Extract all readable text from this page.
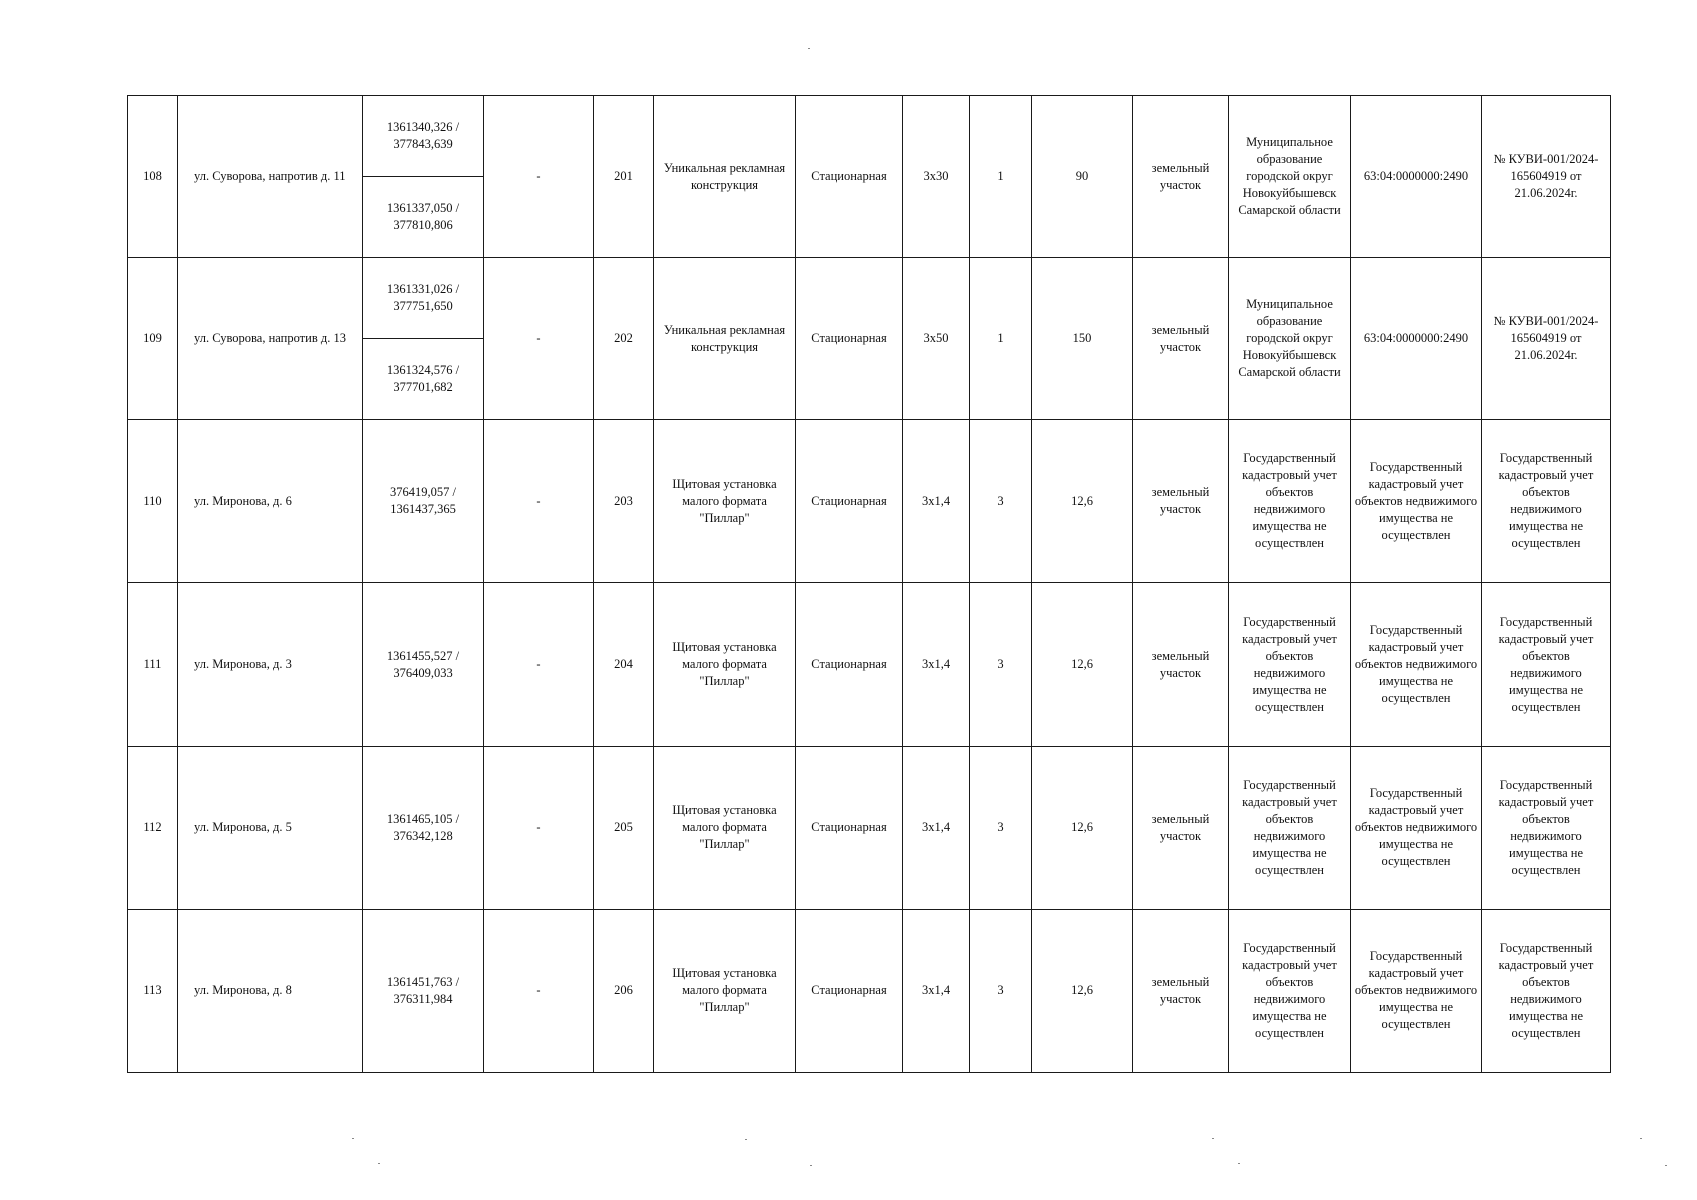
108	ул. Суворова, напротив д. 11	1361340,326 / 377843,639	-	201	Уникальная рекламная конструкция	Стационарная	3x30	1	90	земельный участок	Муниципальное образование городской округ Новокуйбышевск Самарской области	63:04:0000000:2490	№ КУВИ-001/2024-165604919 от 21.06.2024г.
		1361337,050 / 377810,806											
109	ул. Суворова, напротив д. 13	1361331,026 / 377751,650	-	202	Уникальная рекламная конструкция	Стационарная	3x50	1	150	земельный участок	Муниципальное образование городской округ Новокуйбышевск Самарской области	63:04:0000000:2490	№ КУВИ-001/2024-165604919 от 21.06.2024г.
		1361324,576 / 377701,682											
110	ул. Миронова, д. 6	376419,057 / 1361437,365	-	203	Щитовая установка малого формата "Пиллар"	Стационарная	3x1,4	3	12,6	земельный участок	Государственный кадастровый учет объектов недвижимого имущества не осуществлен	Государственный кадастровый учет объектов недвижимого имущества не осуществлен	Государственный кадастровый учет объектов недвижимого имущества не осуществлен
111	ул. Миронова, д. 3	1361455,527 / 376409,033	-	204	Щитовая установка малого формата "Пиллар"	Стационарная	3x1,4	3	12,6	земельный участок	Государственный кадастровый учет объектов недвижимого имущества не осуществлен	Государственный кадастровый учет объектов недвижимого имущества не осуществлен	Государственный кадастровый учет объектов недвижимого имущества не осуществлен
112	ул. Миронова, д. 5	1361465,105 / 376342,128	-	205	Щитовая установка малого формата "Пиллар"	Стационарная	3x1,4	3	12,6	земельный участок	Государственный кадастровый учет объектов недвижимого имущества не осуществлен	Государственный кадастровый учет объектов недвижимого имущества не осуществлен	Государственный кадастровый учет объектов недвижимого имущества не осуществлен
113	ул. Миронова, д. 8	1361451,763 / 376311,984	-	206	Щитовая установка малого формата "Пиллар"	Стационарная	3x1,4	3	12,6	земельный участок	Государственный кадастровый учет объектов недвижимого имущества не осуществлен	Государственный кадастровый учет объектов недвижимого имущества не осуществлен	Государственный кадастровый учет объектов недвижимого имущества не осуществлен
